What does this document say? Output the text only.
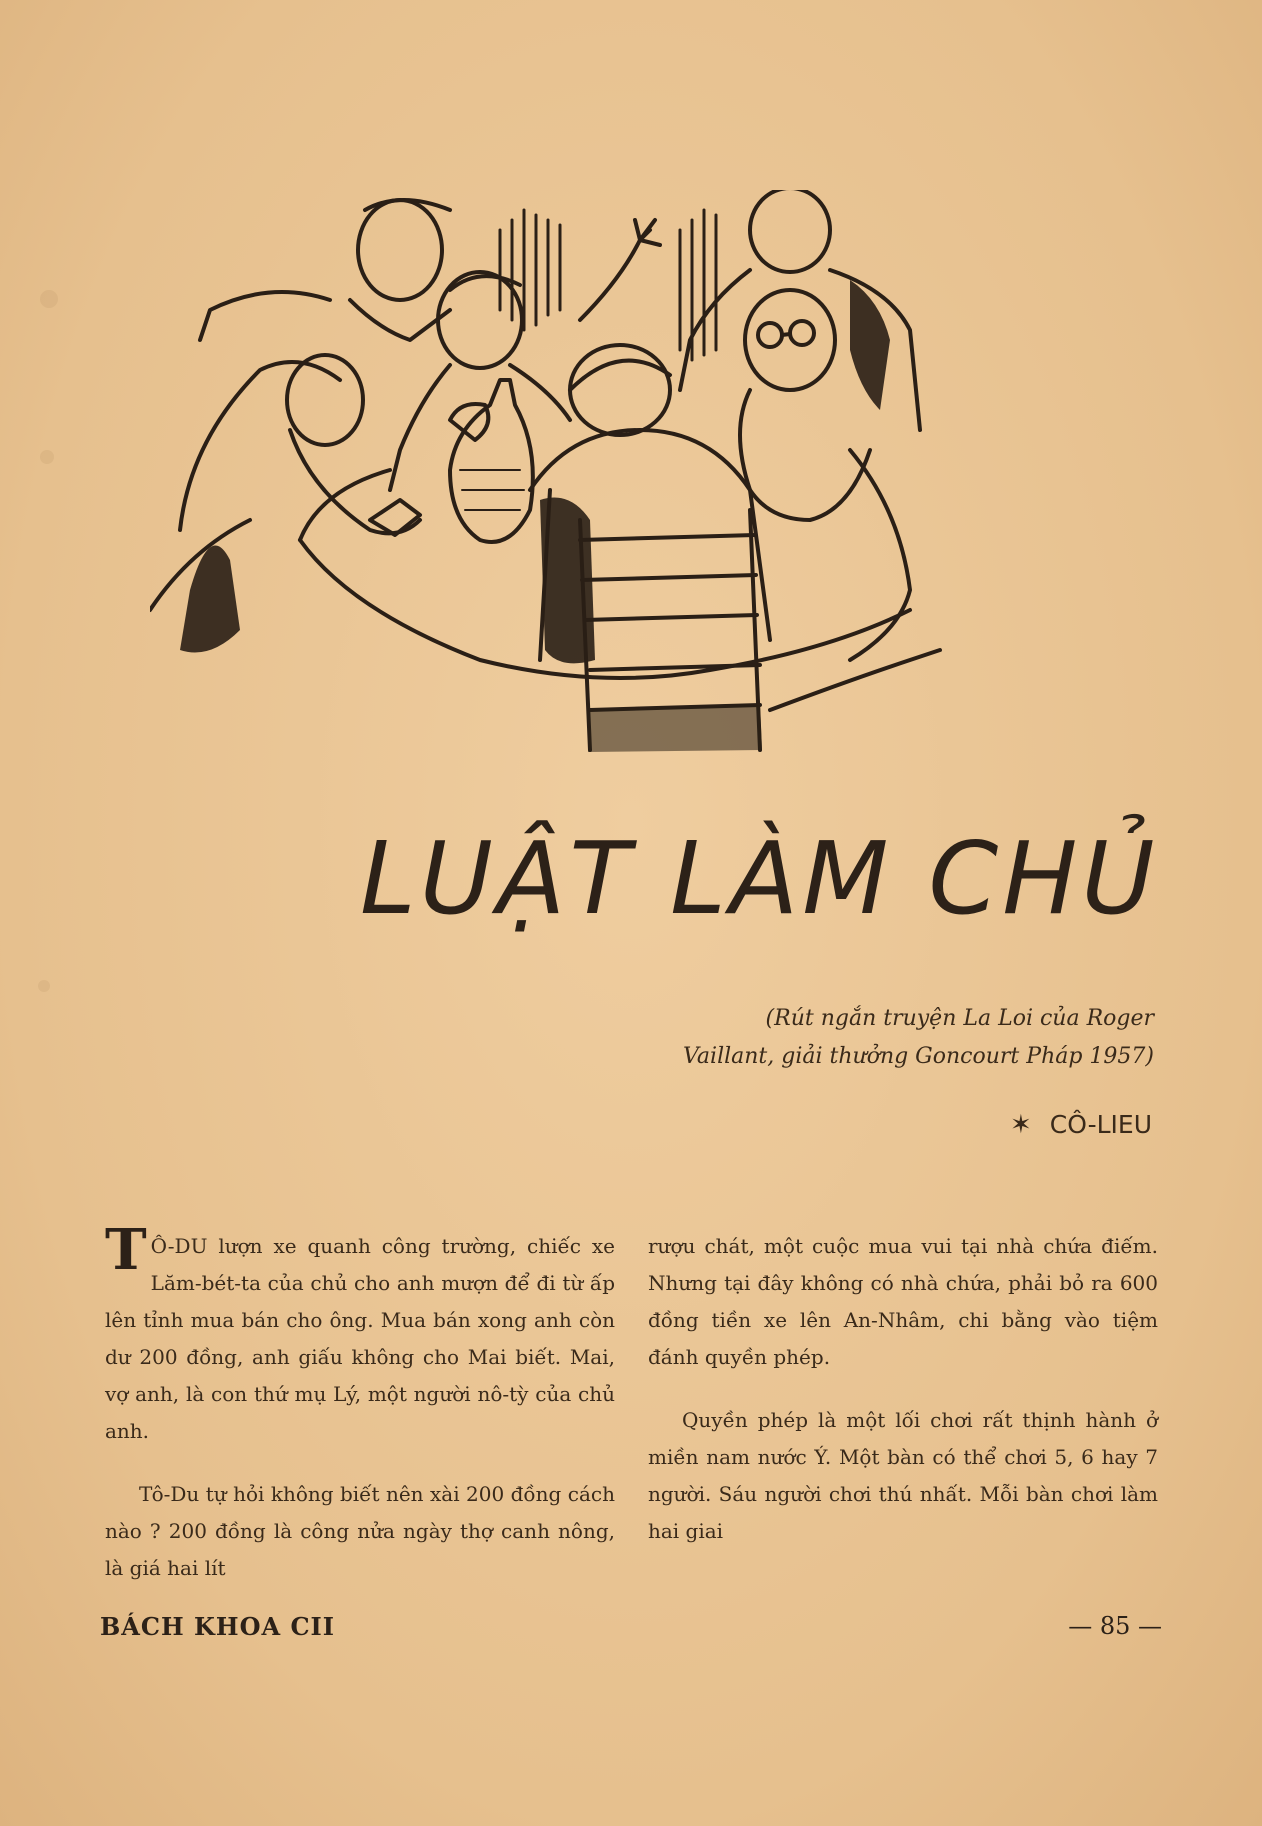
LUẬT LÀM CHỦ
(Rút ngắn truyện La Loi của Roger
Vaillant, giải thưởng Goncourt Pháp 1957)
✶ CÔ-LIEU

T Ô-DU lượn xe quanh công trường, chiếc xe Lăm-bét-ta của chủ cho anh mượn để đi từ ấp lên tỉnh mua bán cho ông. Mua bán xong anh còn dư 200 đồng, anh giấu không cho Mai biết. Mai, vợ anh, là con thứ mụ Lý, một người nô-tỳ của chủ anh.

Tô-Du tự hỏi không biết nên xài 200 đồng cách nào ? 200 đồng là công nửa ngày thợ canh nông, là giá hai lít

rượu chát, một cuộc mua vui tại nhà chứa điếm. Nhưng tại đây không có nhà chứa, phải bỏ ra 600 đồng tiền xe lên An-Nhâm, chi bằng vào tiệm đánh quyền phép.

Quyền phép là một lối chơi rất thịnh hành ở miền nam nước Ý. Một bàn có thể chơi 5, 6 hay 7 người. Sáu người chơi thú nhất. Mỗi bàn chơi làm hai giai

BÁCH KHOA CII	— 85 —
